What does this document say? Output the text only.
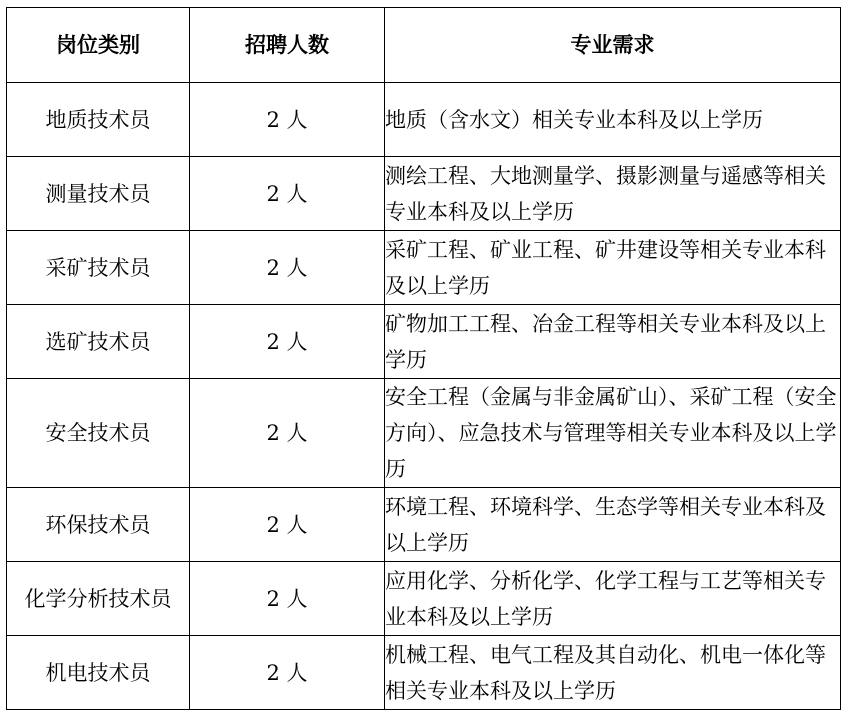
岗位类别	招聘人数	专业需求
地质技术员	2 人	地质（含水文）相关专业本科及以上学历
测量技术员	2 人	测绘工程、大地测量学、摄影测量与遥感等相关专业本科及以上学历
采矿技术员	2 人	采矿工程、矿业工程、矿井建设等相关专业本科及以上学历
选矿技术员	2 人	矿物加工工程、冶金工程等相关专业本科及以上学历
安全技术员	2 人	安全工程（金属与非金属矿山）、采矿工程（安全方向）、应急技术与管理等相关专业本科及以上学历
环保技术员	2 人	环境工程、环境科学、生态学等相关专业本科及以上学历
化学分析技术员	2 人	应用化学、分析化学、化学工程与工艺等相关专业本科及以上学历
机电技术员	2 人	机械工程、电气工程及其自动化、机电一体化等相关专业本科及以上学历
